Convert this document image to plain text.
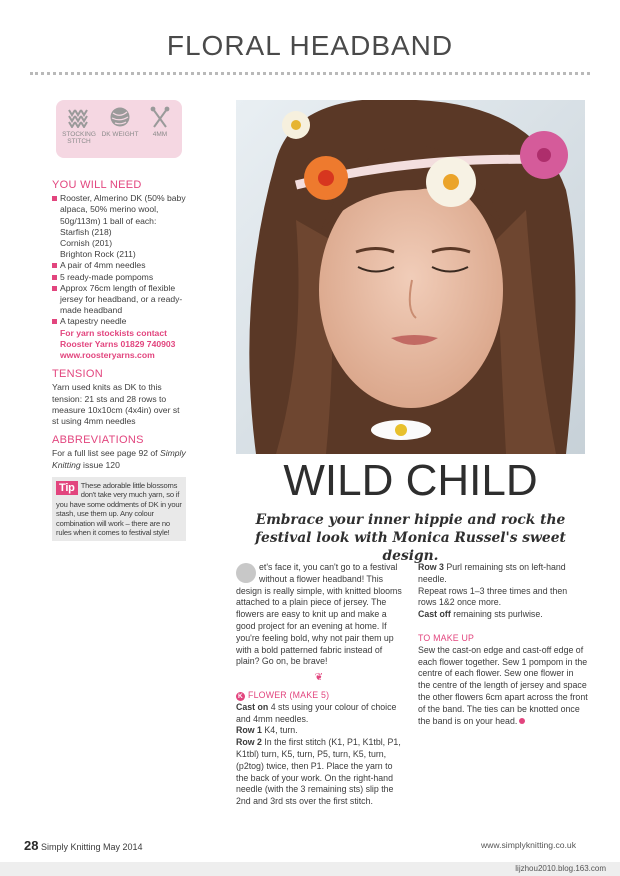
FLORAL HEADBAND
STOCKING STITCH
DK WEIGHT	4MM
YOU WILL NEED
Rooster, Almerino DK (50% baby alpaca, 50% merino wool, 50g/113m) 1 ball of each:
Starfish (218)
Cornish (201)
Brighton Rock (211)
A pair of 4mm needles
5 ready-made pompoms
Approx 76cm length of flexible jersey for headband, or a ready-made headband
A tapestry needle
For yarn stockists contact Rooster Yarns 01829 740903 www.roosteryarns.com
TENSION
Yarn used knits as DK to this tension: 21 sts and 28 rows to measure 10x10cm (4x4in) over st st using 4mm needles
ABBREVIATIONS
For a full list see page 92 of Simply Knitting issue 120
Tip These adorable little blossoms don't take very much yarn, so if you have some oddments of DK in your stash, use them up. Any colour combination will work – there are no rules when it comes to festival style!
WILD CHILD
Embrace your inner hippie and rock the festival look with Monica Russel's sweet design.
et's face it, you can't go to a festival without a flower headband! This design is really simple, with knitted blooms attached to a plain piece of jersey. The flowers are easy to knit up and make a good project for an evening at home. If you're feeling bold, why not pair them up with a bold patterned fabric instead of plain? Go on, be brave!
❦
K FLOWER (MAKE 5)
Cast on 4 sts using your colour of choice and 4mm needles.
Row 1 K4, turn.
Row 2 In the first stitch (K1, P1, K1tbl, P1, K1tbl) turn, K5, turn, P5, turn, K5, turn, (p2tog) twice, then P1. Place the yarn to the back of your work. On the right-hand needle (with the 3 remaining sts) slip the 2nd and 3rd sts over the first stitch.
Row 3 Purl remaining sts on left-hand needle.
Repeat rows 1–3 three times and then rows 1&2 once more.
Cast off remaining sts purlwise.
TO MAKE UP
Sew the cast-on edge and cast-off edge of each flower together. Sew 1 pompom in the centre of each flower. Sew one flower in the centre of the length of jersey and space the other flowers 6cm apart across the front of the band. The ties can be knotted once the band is on your head.
28 Simply Knitting May 2014	www.simplyknitting.co.uk
lijzhou2010.blog.163.com
